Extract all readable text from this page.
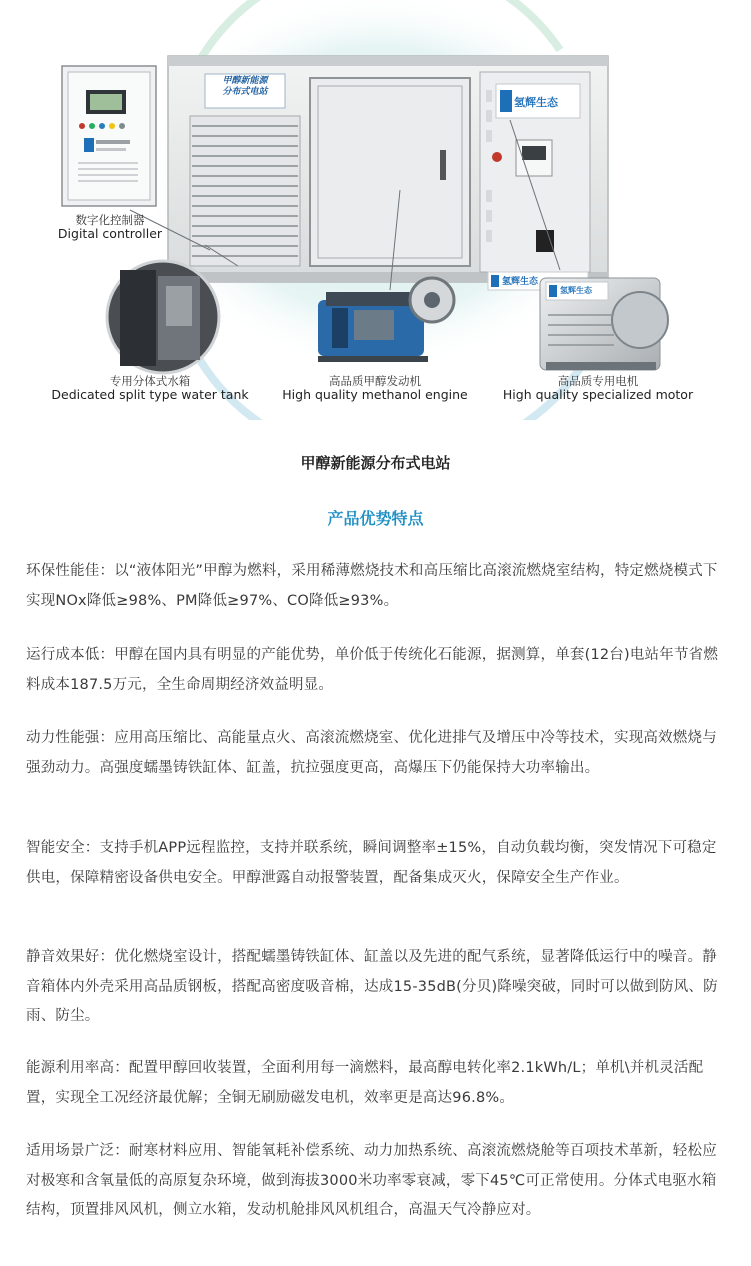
甲醇新能源
分布式电站
氢辉生态
氢辉生态
氢辉生态
数字化控制器
Digital controller
专用分体式水箱
Dedicated split type water tank
高品质甲醇发动机
High quality methanol engine
高品质专用电机
High quality specialized motor
甲醇新能源分布式电站
产品优势特点
环保性能佳：以“液体阳光”甲醇为燃料，采用稀薄燃烧技术和高压缩比高滚流燃烧室结构，特定燃烧模式下实现NOx降低≥98%、PM降低≥97%、CO降低≥93%。
运行成本低：甲醇在国内具有明显的产能优势，单价低于传统化石能源，据测算，单套(12台)电站年节省燃料成本187.5万元，全生命周期经济效益明显。
动力性能强：应用高压缩比、高能量点火、高滚流燃烧室、优化进排气及增压中冷等技术，实现高效燃烧与强劲动力。高强度蠕墨铸铁缸体、缸盖，抗拉强度更高，高爆压下仍能保持大功率输出。
智能安全：支持手机APP远程监控，支持并联系统，瞬间调整率±15%，自动负载均衡，突发情况下可稳定供电，保障精密设备供电安全。甲醇泄露自动报警装置，配备集成灭火，保障安全生产作业。
静音效果好：优化燃烧室设计，搭配蠕墨铸铁缸体、缸盖以及先进的配气系统，显著降低运行中的噪音。静音箱体内外壳采用高品质钢板，搭配高密度吸音棉，达成15-35dB(分贝)降噪突破，同时可以做到防风、防雨、防尘。
能源利用率高：配置甲醇回收装置，全面利用每一滴燃料，最高醇电转化率2.1kWh/L；单机\并机灵活配置，实现全工况经济最优解；全铜无刷励磁发电机，效率更是高达96.8%。
适用场景广泛：耐寒材料应用、智能氧耗补偿系统、动力加热系统、高滚流燃烧舱等百项技术革新，轻松应对极寒和含氧量低的高原复杂环境，做到海拔3000米功率零衰减，零下45℃可正常使用。分体式电驱水箱结构，顶置排风风机，侧立水箱，发动机舱排风风机组合，高温天气冷静应对。
